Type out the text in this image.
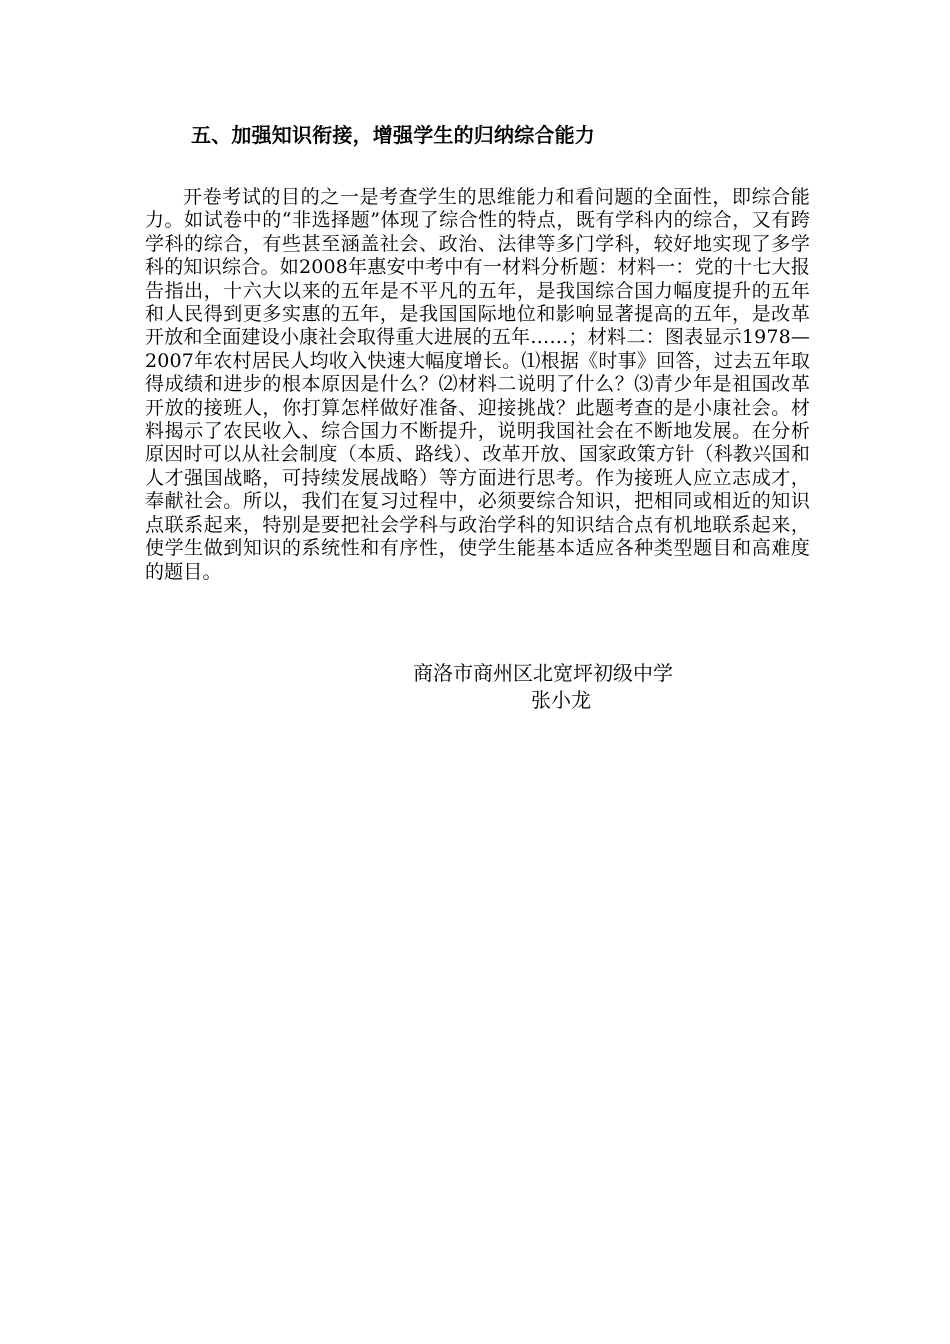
五、加强知识衔接，增强学生的归纳综合能力

开卷考试的目的之一是考查学生的思维能力和看问题的全面性，即综合能力。如试卷中的“非选择题”体现了综合性的特点，既有学科内的综合，又有跨学科的综合，有些甚至涵盖社会、政治、法律等多门学科，较好地实现了多学科的知识综合。如2008年惠安中考中有一材料分析题：材料一：党的十七大报告指出，十六大以来的五年是不平凡的五年，是我国综合国力幅度提升的五年和人民得到更多实惠的五年，是我国国际地位和影响显著提高的五年，是改革开放和全面建设小康社会取得重大进展的五年……；材料二：图表显示1978—2007年农村居民人均收入快速大幅度增长。⑴根据《时事》回答，过去五年取得成绩和进步的根本原因是什么？⑵材料二说明了什么？⑶青少年是祖国改革开放的接班人，你打算怎样做好准备、迎接挑战？此题考查的是小康社会。材料揭示了农民收入、综合国力不断提升，说明我国社会在不断地发展。在分析原因时可以从社会制度（本质、路线）、改革开放、国家政策方针（科教兴国和人才强国战略，可持续发展战略）等方面进行思考。作为接班人应立志成才，奉献社会。所以，我们在复习过程中，必须要综合知识，把相同或相近的知识点联系起来，特别是要把社会学科与政治学科的知识结合点有机地联系起来，使学生做到知识的系统性和有序性，使学生能基本适应各种类型题目和高难度的题目。

商洛市商州区北宽坪初级中学
张小龙
